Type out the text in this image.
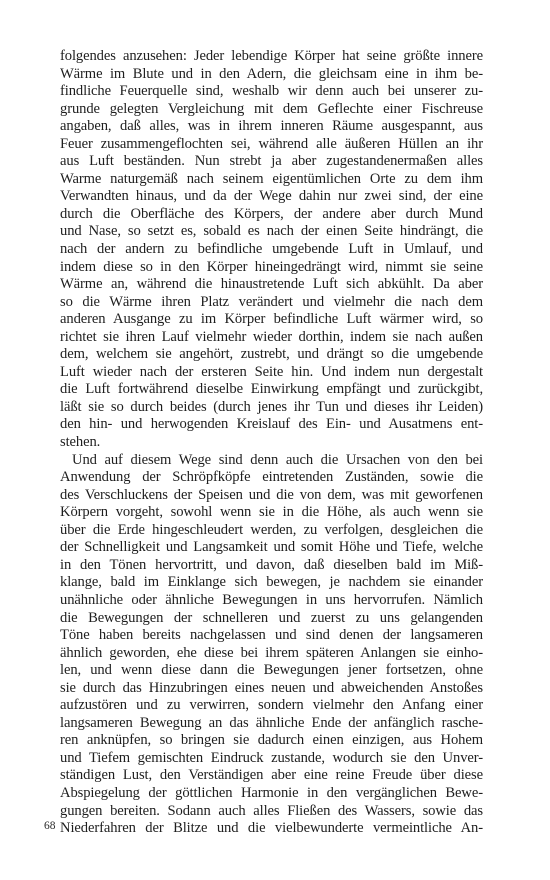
folgendes anzusehen: Jeder lebendige Körper hat seine größte innere
Wärme im Blute und in den Adern, die gleichsam eine in ihm be-
findliche Feuerquelle sind, weshalb wir denn auch bei unserer zu-
grunde gelegten Vergleichung mit dem Geflechte einer Fischreuse
angaben, daß alles, was in ihrem inneren Räume ausgespannt, aus
Feuer zusammengeflochten sei, während alle äußeren Hüllen an ihr
aus Luft beständen. Nun strebt ja aber zugestandenermaßen alles
Warme naturgemäß nach seinem eigentümlichen Orte zu dem ihm
Verwandten hinaus, und da der Wege dahin nur zwei sind, der eine
durch die Oberfläche des Körpers, der andere aber durch Mund
und Nase, so setzt es, sobald es nach der einen Seite hindrängt, die
nach der andern zu befindliche umgebende Luft in Umlauf, und
indem diese so in den Körper hineingedrängt wird, nimmt sie seine
Wärme an, während die hinaustretende Luft sich abkühlt. Da aber
so die Wärme ihren Platz verändert und vielmehr die nach dem
anderen Ausgange zu im Körper befindliche Luft wärmer wird, so
richtet sie ihren Lauf vielmehr wieder dorthin, indem sie nach außen
dem, welchem sie angehört, zustrebt, und drängt so die umgebende
Luft wieder nach der ersteren Seite hin. Und indem nun dergestalt
die Luft fortwährend dieselbe Einwirkung empfängt und zurückgibt,
läßt sie so durch beides (durch jenes ihr Tun und dieses ihr Leiden)
den hin- und herwogenden Kreislauf des Ein- und Ausatmens ent-
stehen.
Und auf diesem Wege sind denn auch die Ursachen von den bei
Anwendung der Schröpfköpfe eintretenden Zuständen, sowie die
des Verschluckens der Speisen und die von dem, was mit geworfenen
Körpern vorgeht, sowohl wenn sie in die Höhe, als auch wenn sie
über die Erde hingeschleudert werden, zu verfolgen, desgleichen die
der Schnelligkeit und Langsamkeit und somit Höhe und Tiefe, welche
in den Tönen hervortritt, und davon, daß dieselben bald im Miß-
klange, bald im Einklange sich bewegen, je nachdem sie einander
unähnliche oder ähnliche Bewegungen in uns hervorrufen. Nämlich
die Bewegungen der schnelleren und zuerst zu uns gelangenden
Töne haben bereits nachgelassen und sind denen der langsameren
ähnlich geworden, ehe diese bei ihrem späteren Anlangen sie einho-
len, und wenn diese dann die Bewegungen jener fortsetzen, ohne
sie durch das Hinzubringen eines neuen und abweichenden Anstoßes
aufzustören und zu verwirren, sondern vielmehr den Anfang einer
langsameren Bewegung an das ähnliche Ende der anfänglich rasche-
ren anknüpfen, so bringen sie dadurch einen einzigen, aus Hohem
und Tiefem gemischten Eindruck zustande, wodurch sie den Unver-
ständigen Lust, den Verständigen aber eine reine Freude über diese
Abspiegelung der göttlichen Harmonie in den vergänglichen Bewe-
gungen bereiten. Sodann auch alles Fließen des Wassers, sowie das
Niederfahren der Blitze und die vielbewunderte vermeintliche An-
68
